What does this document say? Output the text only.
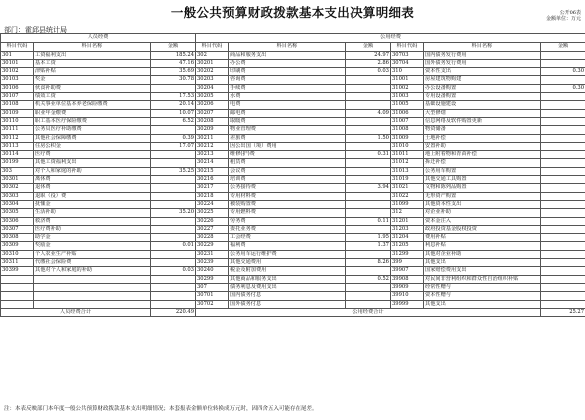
一般公共预算财政拨款基本支出决算明细表	公开06表
金额单位：万元
部门：霍邱县统计局
人员经费			公用经费					
科目代码	科目名称	金额	科目代码	科目名称	金额	科目代码	科目名称	金额
301	工资福利支出	185.24	302	商品和服务支出	24.97	30703	国内债务发行费用	
30101	基本工资	47.16	30201	办公费	2.86	30704	国外债务发行费用	
30102	津贴补贴	35.69	30202	印刷费	0.03	310	资本性支出	0.30
30103	奖金	30.78	30203	咨询费		31001	房屋建筑物购建	
30106	伙食补助费		30204	手续费		31002	办公设备购置	0.30
30107	绩效工资	17.53	30205	水费		31003	专用设备购置	
30108	机关事业单位基本养老保险缴费	20.14	30206	电费		31005	基础设施建设	
30109	职业年金缴费	10.07	30207	邮电费	4.09	31006	大型修缮	
30110	职工基本医疗保险缴费	6.52	30208	取暖费		31007	信息网络及软件购置更新	
30111	公务员医疗补助缴费		30209	物业管理费		31008	物资储备	
30112	其他社会保障缴费	0.39	30211	差旅费	1.50	31009	土地补偿	
30113	住房公积金	17.07	30212	因公出国（境）费用		31010	安置补助	
30114	医疗费		30213	维修(护)费	0.31	31011	地上附着物和青苗补偿	
30199	其他工资福利支出		30214	租赁费		31012	拆迁补偿	
303	对个人和家庭的补助	35.25	30215	会议费		31013	公务用车购置	
30301	离休费		30216	培训费		31019	其他交通工具购置	
30302	退休费		30217	公务接待费	3.94	31021	文物和陈列品购置	
30303	退职（役）费		30218	专用材料费		31022	无形资产购置	
30304	抚恤金		30224	被装购置费		31099	其他资本性支出	
30305	生活补助	35.20	30225	专用燃料费		312	对企业补助	
30306	救济费		30226	劳务费	0.11	31201	资本金注入	
30307	医疗费补助		30227	委托业务费		31203	政府投资基金股权投资	
30308	助学金		30228	工会经费	1.95	31204	费用补贴	
30309	奖励金	0.01	30229	福利费	1.37	31205	利息补贴	
30310	个人农业生产补贴		30231	公务用车运行维护费		31299	其他对企业补助	
30311	代缴社会保险费		30239	其他交通费用	8.26	399	其他支出	
30399	其他对个人和家庭的补助	0.03	30240	税金及附加费用		39907	国家赔偿费用支出	
			30299	其他商品和服务支出	0.52	39908	对民间非营利组织和群众性自治组织补贴	
			307	债务利息及费用支出		39909	经常性赠与	
			30701	国内债务付息		39910	资本性赠与	
			30702	国外债务付息		39999	其他支出	
人员经费合计		220.49	公用经费合计					25.27
注：本表反映部门本年度一般公共预算财政拨款基本支出明细情况；本套报表金额单位转换成万元时，因四舍五入可能存在尾差。
